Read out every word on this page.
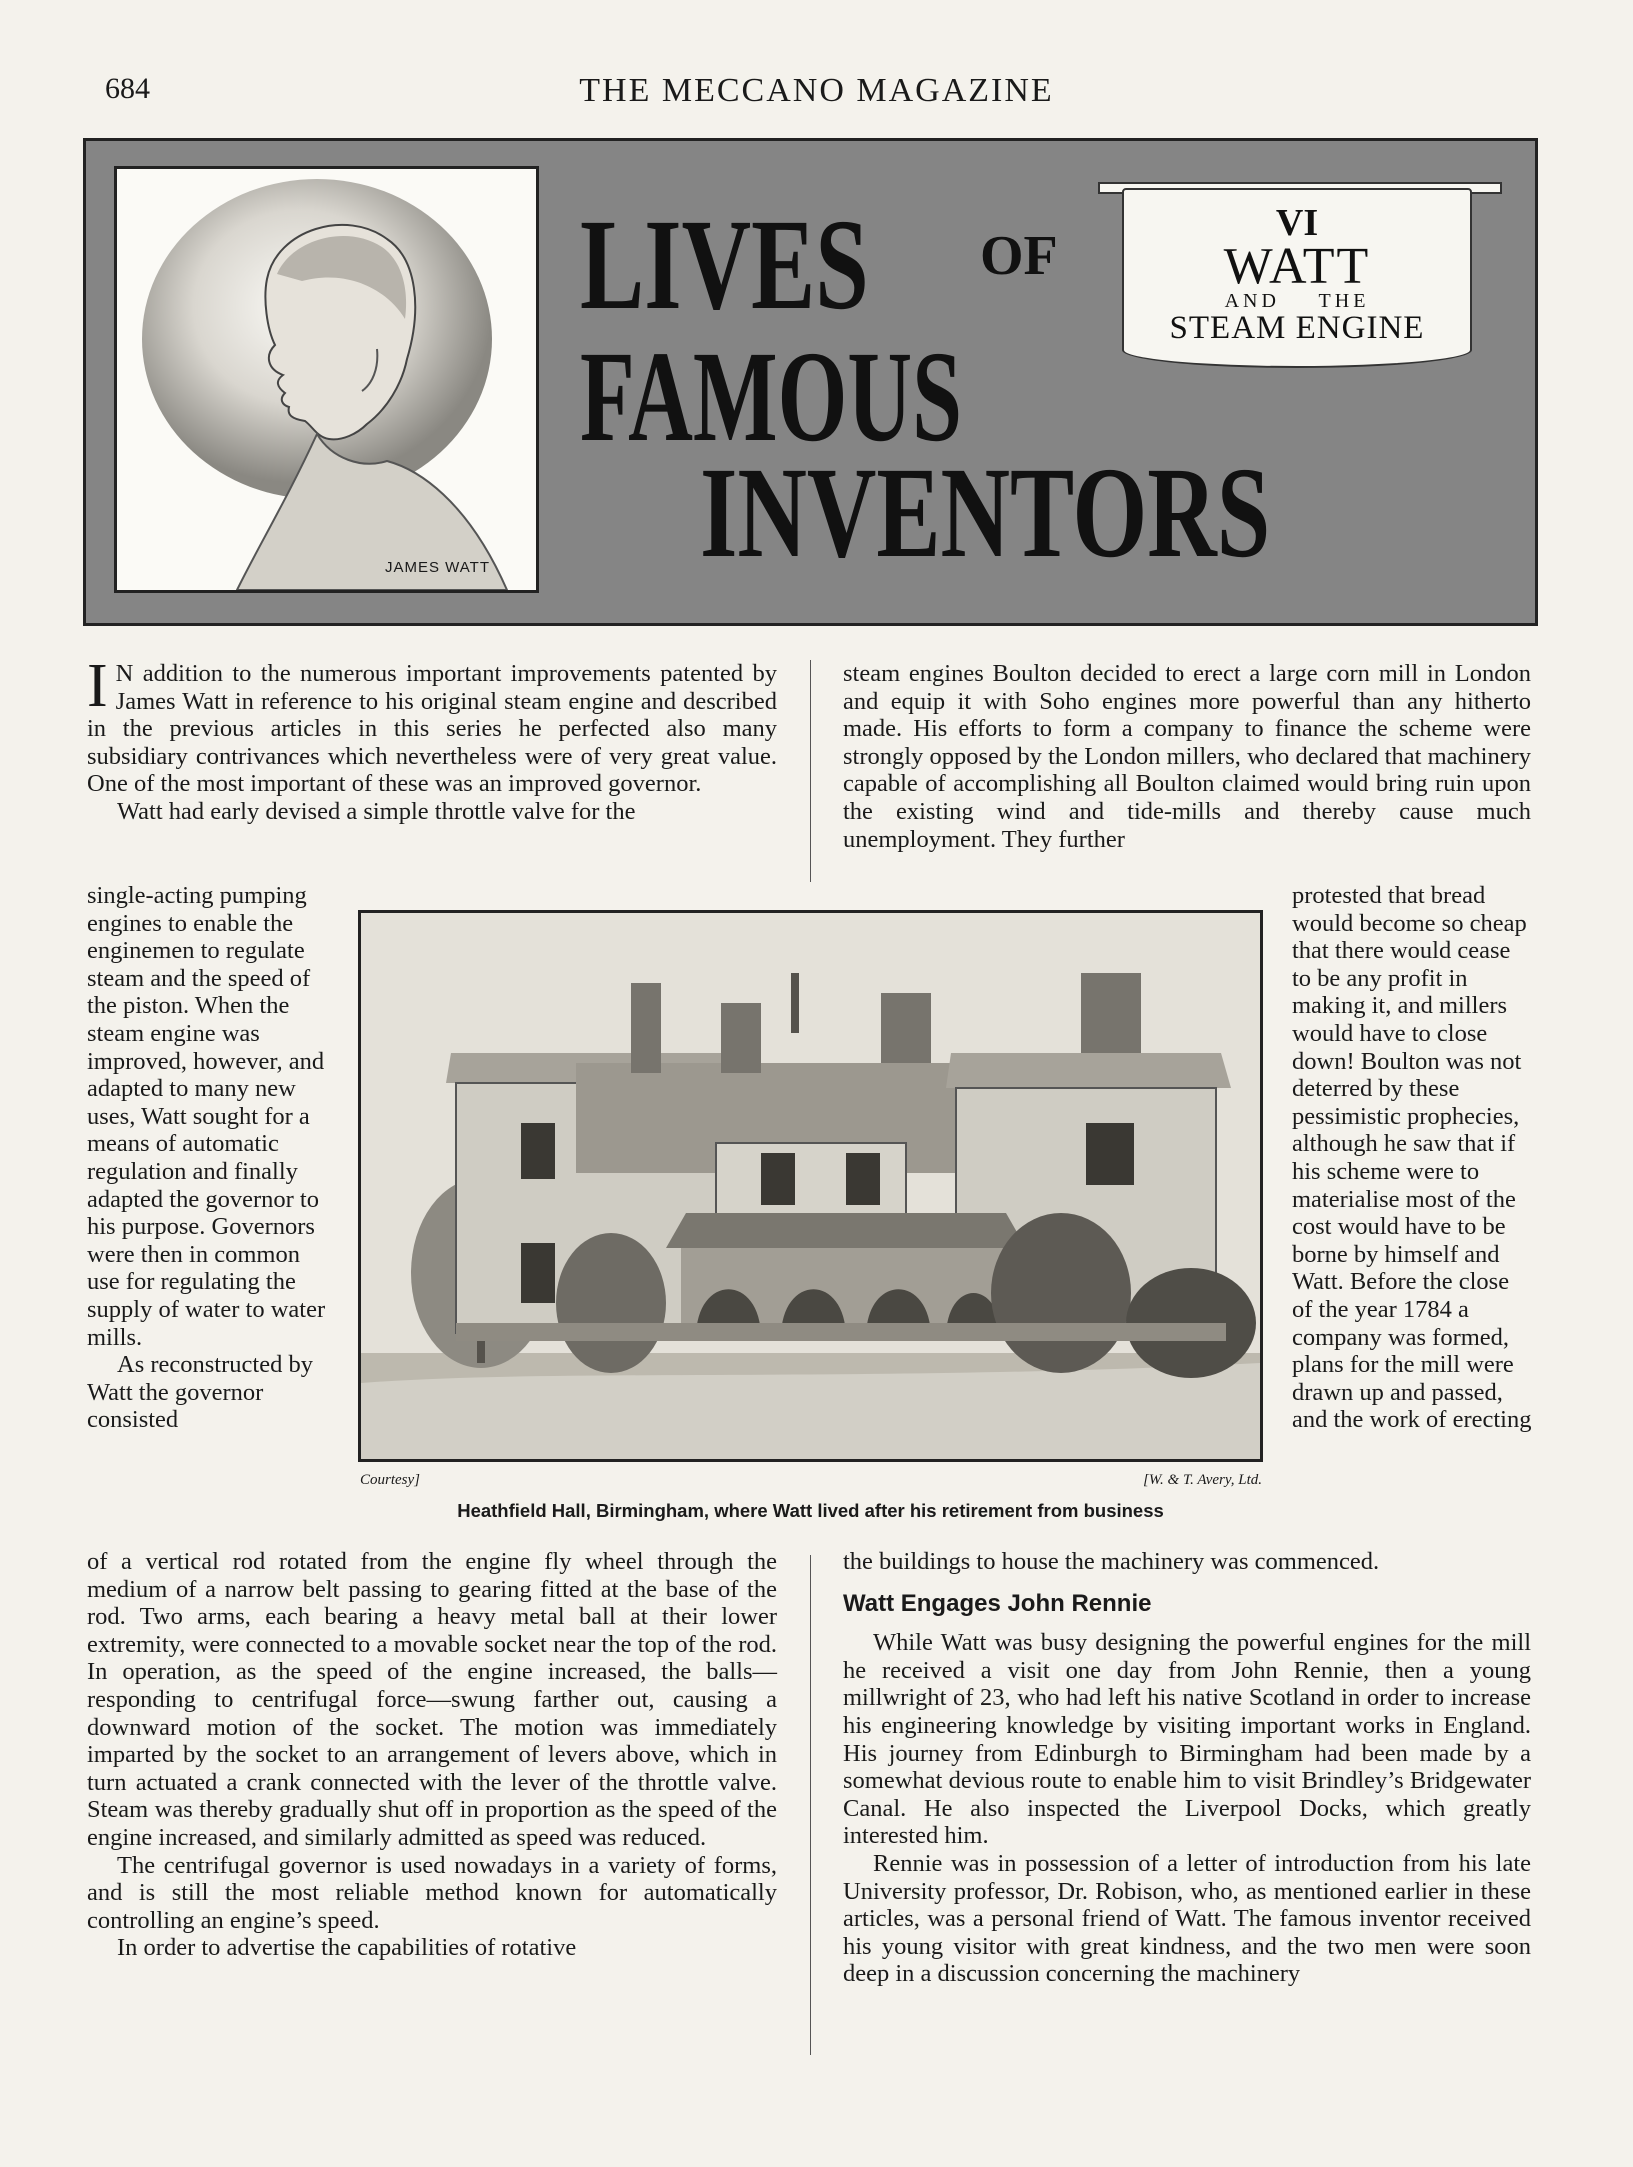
684	THE MECCANO MAGAZINE
JAMES WATT
LIVES OF
FAMOUS
INVENTORS
VI
WATT
AND THE
STEAM ENGINE

I N addition to the numerous important improvements patented by James Watt in reference to his original steam engine and described in the previous articles in this series he perfected also many subsidiary contrivances which nevertheless were of very great value. One of the most important of these was an improved governor.

Watt had early devised a simple throttle valve for the

single-acting pumping engines to enable the enginemen to regulate steam and the speed of the piston. When the steam engine was improved, however, and adapted to many new uses, Watt sought for a means of automatic regulation and finally adapted the governor to his purpose. Governors were then in common use for regulating the supply of water to water mills.

As reconstructed by Watt the governor consisted

of a vertical rod rotated from the engine fly wheel through the medium of a narrow belt passing to gearing fitted at the base of the rod. Two arms, each bearing a heavy metal ball at their lower extremity, were connected to a movable socket near the top of the rod. In operation, as the speed of the engine increased, the balls—responding to centrifugal force—swung farther out, causing a downward motion of the socket. The motion was immediately imparted by the socket to an arrangement of levers above, which in turn actuated a crank connected with the lever of the throttle valve. Steam was thereby gradually shut off in proportion as the speed of the engine increased, and similarly admitted as speed was reduced.

The centrifugal governor is used nowadays in a variety of forms, and is still the most reliable method known for automatically controlling an engine’s speed.

In order to advertise the capabilities of rotative

steam engines Boulton decided to erect a large corn mill in London and equip it with Soho engines more powerful than any hitherto made. His efforts to form a company to finance the scheme were strongly opposed by the London millers, who declared that machinery capable of accomplishing all Boulton claimed would bring ruin upon the existing wind and tide-mills and thereby cause much unemployment. They further

protested that bread would become so cheap that there would cease to be any profit in making it, and millers would have to close down! Boulton was not deterred by these pessimistic prophecies, although he saw that if his scheme were to materialise most of the cost would have to be borne by himself and Watt. Before the close of the year 1784 a company was formed, plans for the mill were drawn up and passed, and the work of erecting

the buildings to house the machinery was commenced.

Watt Engages John Rennie

While Watt was busy designing the powerful engines for the mill he received a visit one day from John Rennie, then a young millwright of 23, who had left his native Scotland in order to increase his engineering knowledge by visiting important works in England. His journey from Edinburgh to Birmingham had been made by a somewhat devious route to enable him to visit Brindley’s Bridgewater Canal. He also inspected the Liverpool Docks, which greatly interested him.

Rennie was in possession of a letter of introduction from his late University professor, Dr. Robison, who, as mentioned earlier in these articles, was a personal friend of Watt. The famous inventor received his young visitor with great kindness, and the two men were soon deep in a discussion concerning the machinery

Courtesy]	[W. & T. Avery, Ltd.
Heathfield Hall, Birmingham, where Watt lived after his retirement from business
